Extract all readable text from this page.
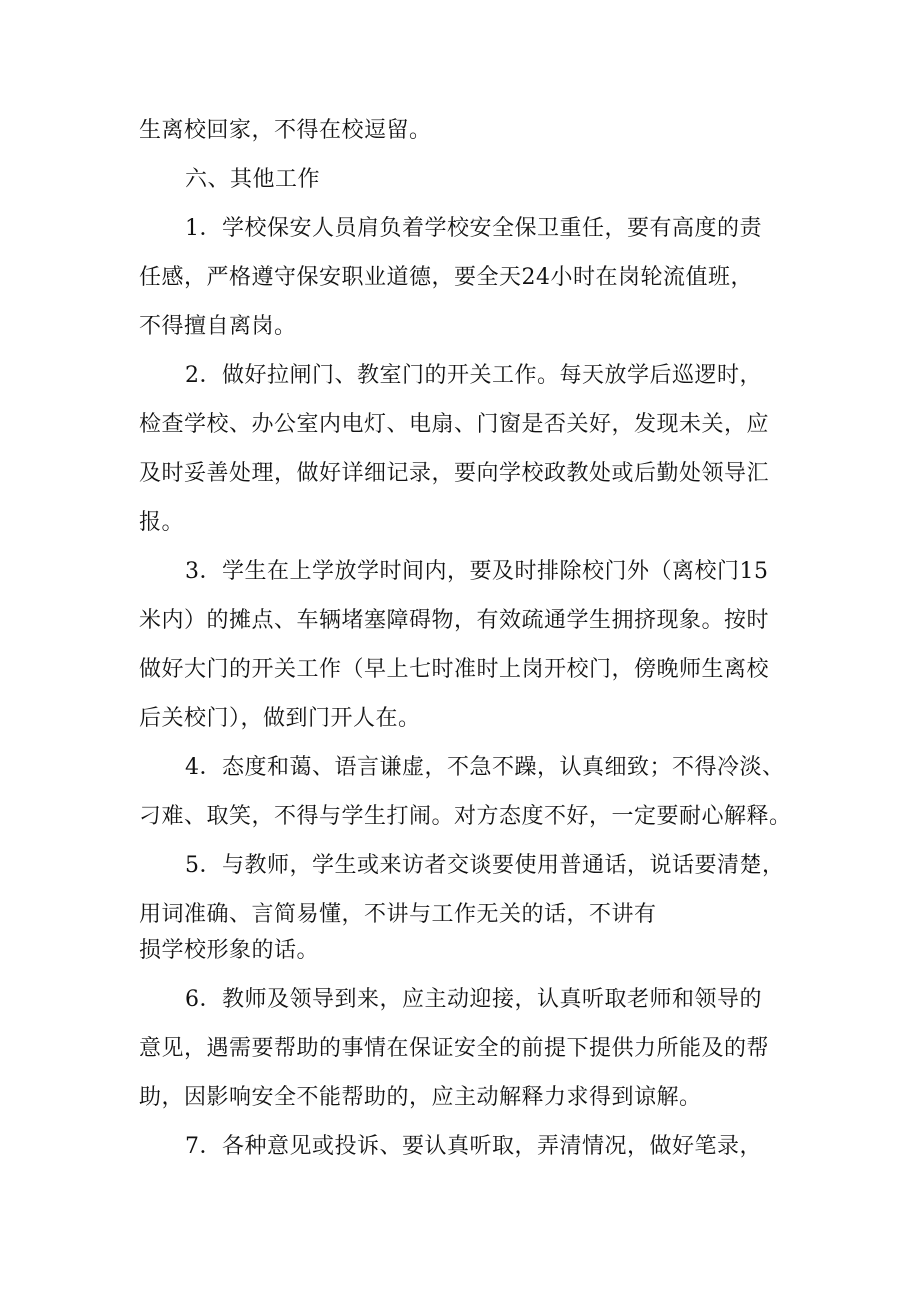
生离校回家，不得在校逗留。
六、其他工作
1．学校保安人员肩负着学校安全保卫重任，要有高度的责
任感，严格遵守保安职业道德，要全天24小时在岗轮流值班，
不得擅自离岗。
2．做好拉闸门、教室门的开关工作。每天放学后巡逻时，
检查学校、办公室内电灯、电扇、门窗是否关好，发现未关，应
及时妥善处理，做好详细记录，要向学校政教处或后勤处领导汇
报。
3．学生在上学放学时间内，要及时排除校门外（离校门15
米内）的摊点、车辆堵塞障碍物，有效疏通学生拥挤现象。按时
做好大门的开关工作（早上七时准时上岗开校门，傍晚师生离校
后关校门），做到门开人在。
4．态度和蔼、语言谦虚，不急不躁，认真细致；不得冷淡、
刁难、取笑，不得与学生打闹。对方态度不好，一定要耐心解释。
5．与教师，学生或来访者交谈要使用普通话，说话要清楚，
用词准确、言简易懂，不讲与工作无关的话，不讲有
损学校形象的话。
6．教师及领导到来，应主动迎接，认真听取老师和领导的
意见，遇需要帮助的事情在保证安全的前提下提供力所能及的帮
助，因影响安全不能帮助的，应主动解释力求得到谅解。
7．各种意见或投诉、要认真听取，弄清情况，做好笔录，
